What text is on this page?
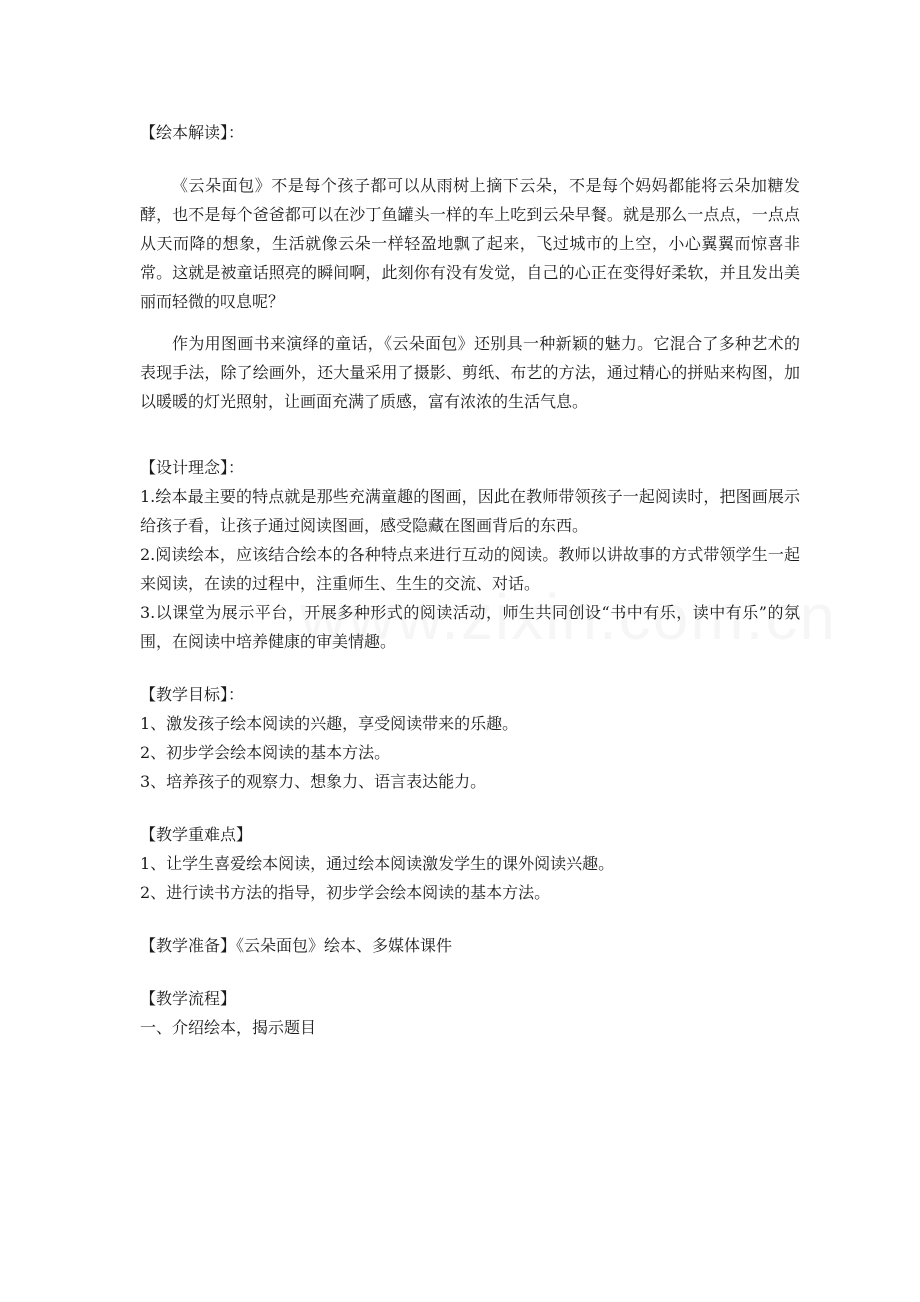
【绘本解读】：

《云朵面包》不是每个孩子都可以从雨树上摘下云朵，不是每个妈妈都能将云朵加糖发酵，也不是每个爸爸都可以在沙丁鱼罐头一样的车上吃到云朵早餐。就是那么一点点，一点点从天而降的想象，生活就像云朵一样轻盈地飘了起来，飞过城市的上空，小心翼翼而惊喜非常。这就是被童话照亮的瞬间啊，此刻你有没有发觉，自己的心正在变得好柔软，并且发出美丽而轻微的叹息呢？

作为用图画书来演绎的童话，《云朵面包》还别具一种新颖的魅力。它混合了多种艺术的表现手法，除了绘画外，还大量采用了摄影、剪纸、布艺的方法，通过精心的拼贴来构图，加以暖暖的灯光照射，让画面充满了质感，富有浓浓的生活气息。

【设计理念】：

1.绘本最主要的特点就是那些充满童趣的图画，因此在教师带领孩子一起阅读时，把图画展示给孩子看，让孩子通过阅读图画，感受隐藏在图画背后的东西。

2.阅读绘本，应该结合绘本的各种特点来进行互动的阅读。教师以讲故事的方式带领学生一起来阅读，在读的过程中，注重师生、生生的交流、对话。

3.以课堂为展示平台，开展多种形式的阅读活动，师生共同创设“书中有乐，读中有乐”的氛围，在阅读中培养健康的审美情趣。

【教学目标】：

1、激发孩子绘本阅读的兴趣，享受阅读带来的乐趣。

2、初步学会绘本阅读的基本方法。

3、培养孩子的观察力、想象力、语言表达能力。

【教学重难点】

1、让学生喜爱绘本阅读，通过绘本阅读激发学生的课外阅读兴趣。

2、进行读书方法的指导，初步学会绘本阅读的基本方法。

【教学准备】《云朵面包》绘本、多媒体课件

【教学流程】

一、介绍绘本，揭示题目
